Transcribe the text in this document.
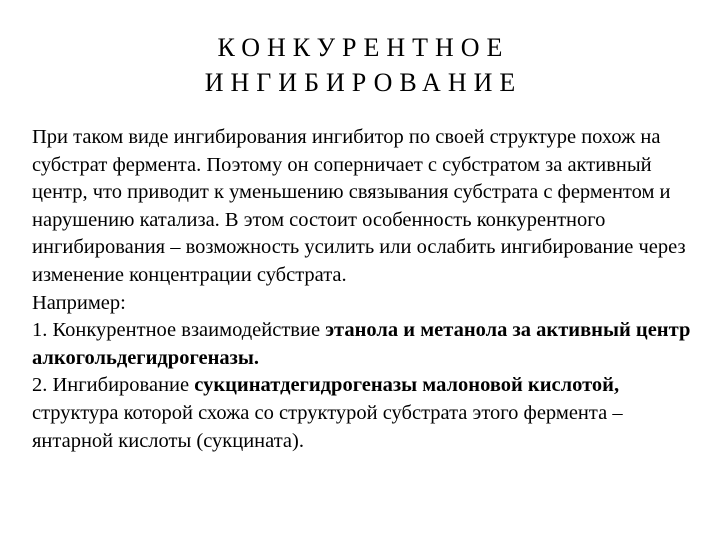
КОНКУРЕНТНОЕ
ИНГИБИРОВАНИЕ

При таком виде ингибирования ингибитор по своей структуре похож на субстрат фермента. Поэтому он соперничает с субстратом за активный центр, что приводит к уменьшению связывания субстрата с ферментом и нарушению катализа. В этом состоит особенность конкурентного ингибирования – возможность усилить или ослабить ингибирование через изменение концентрации субстрата.

Например:

1. Конкурентное взаимодействие этанола и метанола за активный центр алкогольдегидрогеназы.

2. Ингибирование сукцинатдегидрогеназы малоновой кислотой, структура которой схожа со структурой субстрата этого фермента – янтарной кислоты (сукцината).
